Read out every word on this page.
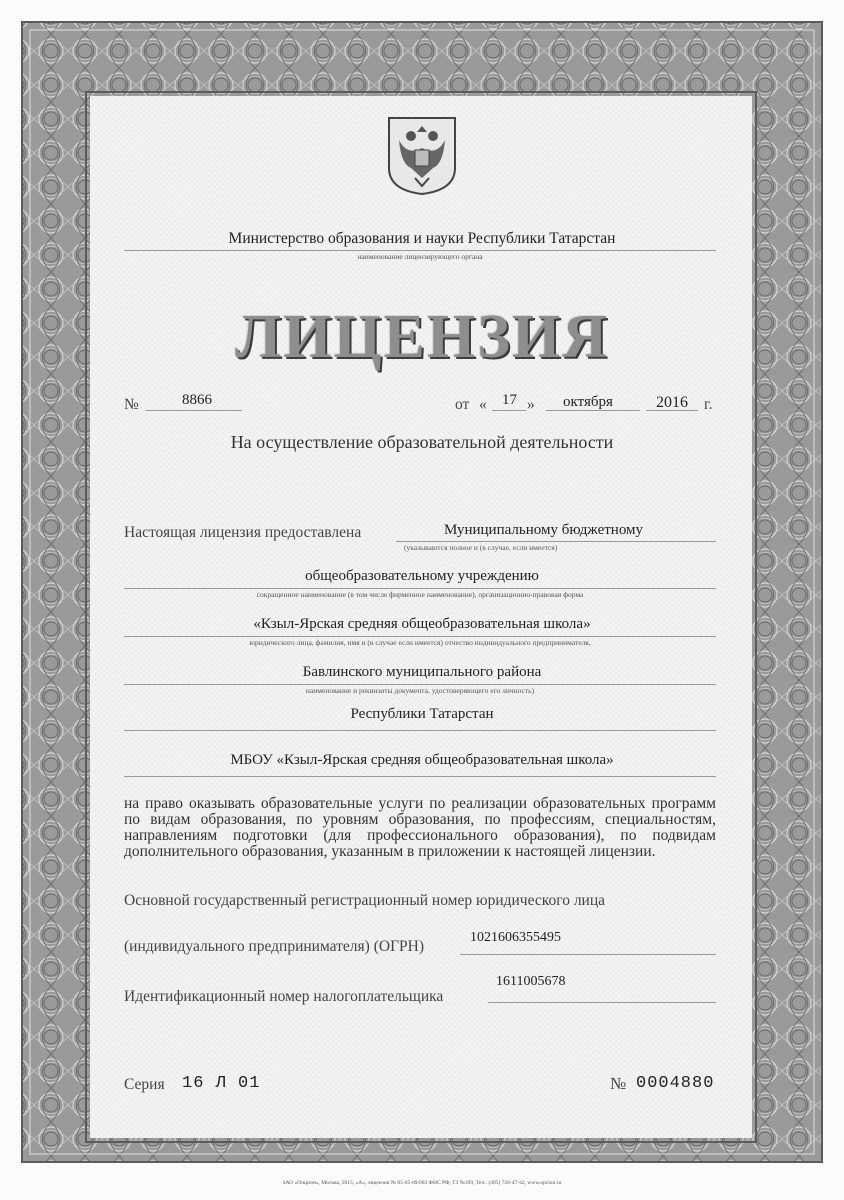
Министерство образования и науки Республики Татарстан
наименование лицензирующего органа
ЛИЦЕНЗИЯ
№	8866	от « 17 » октября	2016 г.
На осуществление образовательной деятельности
Настоящая лицензия предоставлена	Муниципальному бюджетному
(указываются полное и (в случае, если имеется)
общеобразовательному учреждению
сокращенное наименование (в том числе фирменное наименование), организационно-правовая форма
«Кзыл-Ярская средняя общеобразовательная школа»
юридического лица, фамилия, имя и (в случае если имеется) отчество индивидуального предпринимателя,
Бавлинского муниципального района
наименование и реквизиты документа, удостоверяющего его личность)
Республики Татарстан
МБОУ «Кзыл-Ярская средняя общеобразовательная школа»
на право оказывать образовательные услуги по реализации образовательных программ по видам образования, по уровням образования, по профессиям, специальностям, направлениям подготовки (для профессионального образования), по подвидам дополнительного образования, указанным в приложении к настоящей лицензии.
Основной государственный регистрационный номер юридического лица
(индивидуального предпринимателя) (ОГРН)
1021606355495
Идентификационный номер налогоплательщика
1611005678
Серия 16 Л 01	№ 0004880
ЗАО «Опцион», Москва, 2015, «А», лицензия № 05-05-09/003 ФНС РФ, ТЗ №399, Тел.: (495) 726-47-42, www.opcion.ru
